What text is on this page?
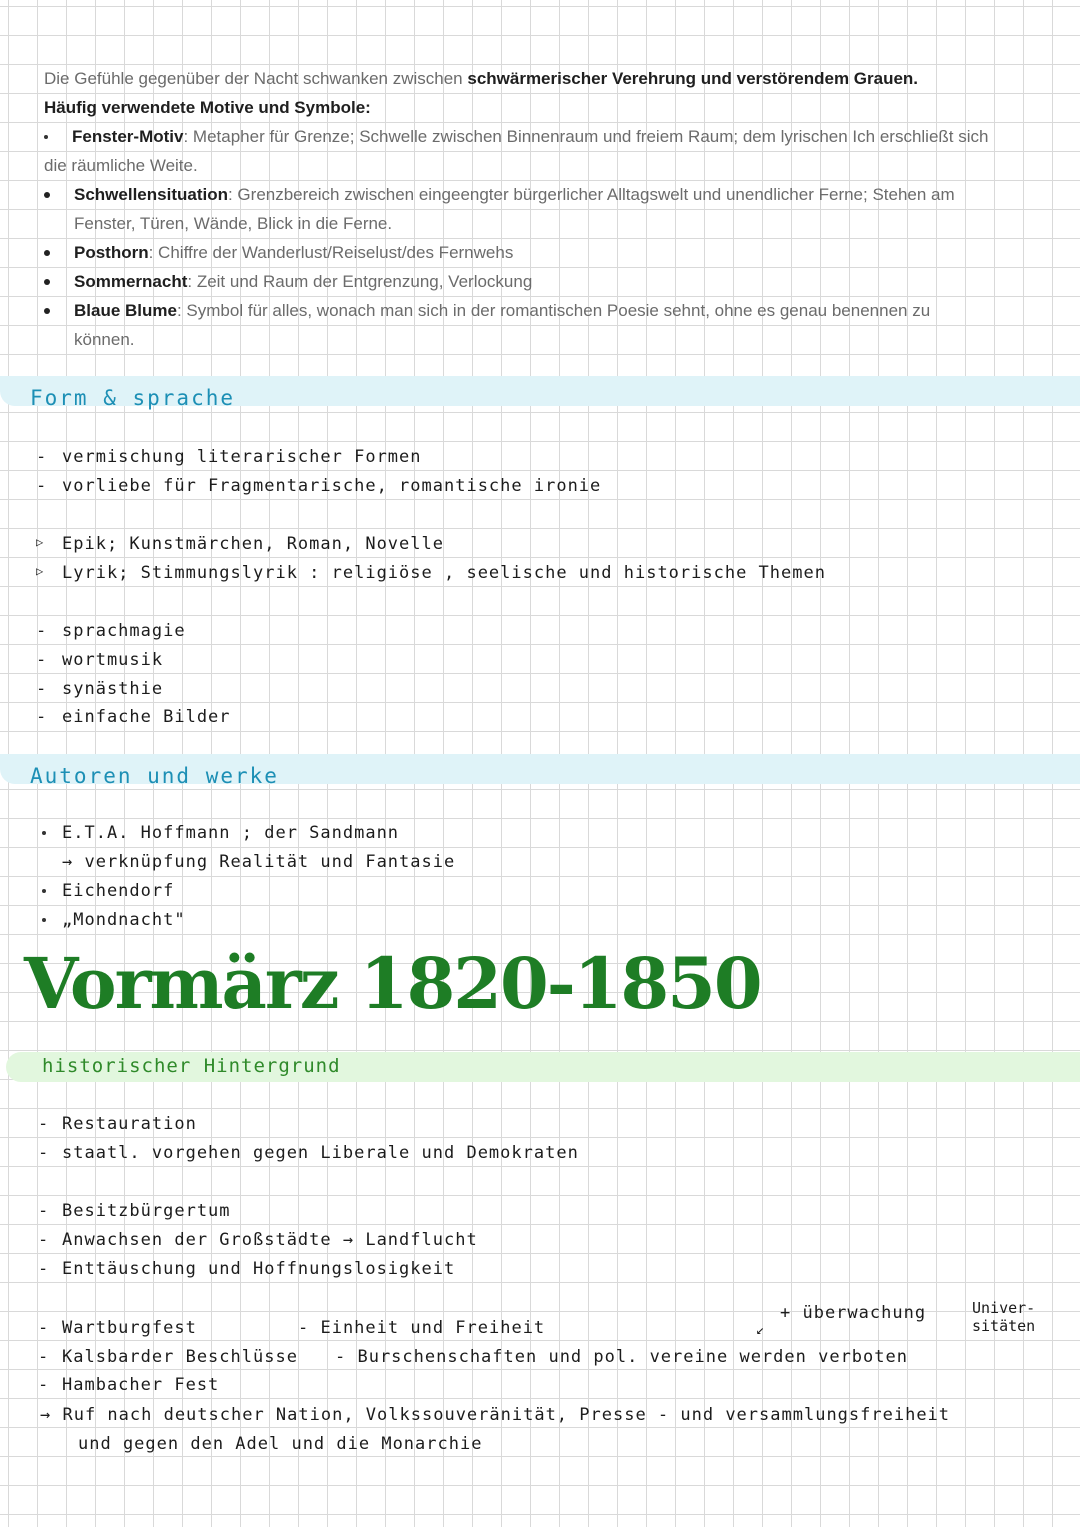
Die Gefühle gegenüber der Nacht schwanken zwischen schwärmerischer Verehrung und verstörendem Grauen.
Häufig verwendete Motive und Symbole:
Fenster-Motiv: Metapher für Grenze; Schwelle zwischen Binnenraum und freiem Raum; dem lyrischen Ich erschließt sich
die räumliche Weite.
Schwellensituation: Grenzbereich zwischen eingeengter bürgerlicher Alltagswelt und unendlicher Ferne; Stehen am
Fenster, Türen, Wände, Blick in die Ferne.
Posthorn: Chiffre der Wanderlust/Reiselust/des Fernwehs
Sommernacht: Zeit und Raum der Entgrenzung, Verlockung
Blaue Blume: Symbol für alles, wonach man sich in der romantischen Poesie sehnt, ohne es genau benennen zu
können.
Form & sprache
- vermischung literarischer Formen
- vorliebe für Fragmentarische, romantische ironie
▷ Epik; Kunstmärchen, Roman, Novelle
▷ Lyrik; Stimmungslyrik : religiöse , seelische und historische Themen
- sprachmagie
- wortmusik
- synästhie
- einfache Bilder
Autoren und werke
E.T.A. Hoffmann ; der Sandmann
→ verknüpfung Realität und Fantasie
Eichendorf
„Mondnacht"
Vormärz 1820-1850
historischer Hintergrund
- Restauration
- staatl. vorgehen gegen Liberale und Demokraten
- Besitzbürgertum
- Anwachsen der Großstädte → Landflucht
- Enttäuschung und Hoffnungslosigkeit
- Wartburgfest	- Einheit und Freiheit
+ überwachung
↙
Univer-
sitäten
- Kalsbarder Beschlüsse - Burschenschaften und pol. vereine werden verboten
- Hambacher Fest
→ Ruf nach deutscher Nation, Volkssouveränität, Presse - und versammlungsfreiheit
und gegen den Adel und die Monarchie
